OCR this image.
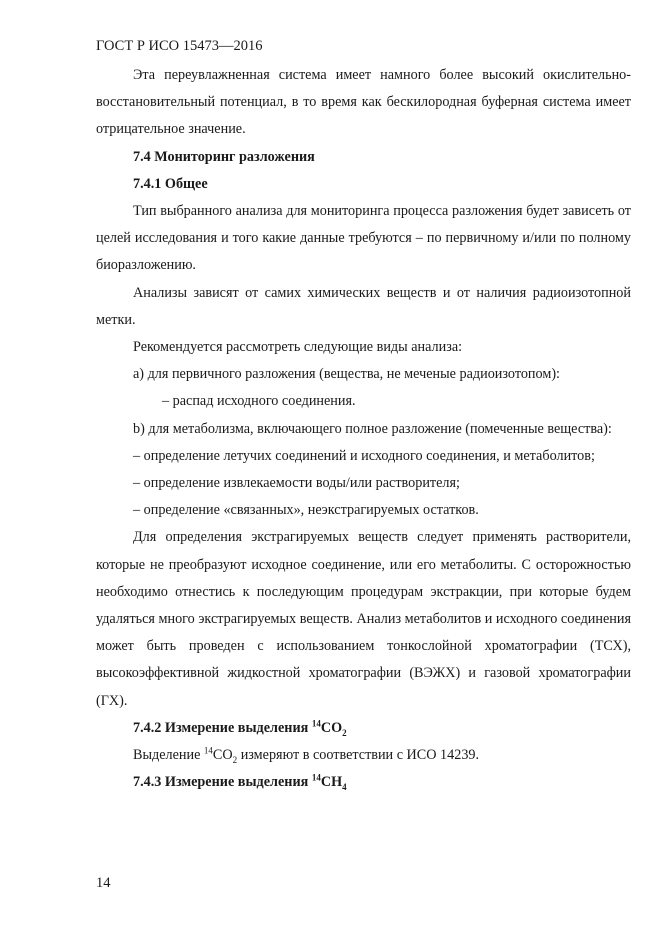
ГОСТ Р ИСО 15473—2016

Эта переувлажненная система имеет намного более высокий окислительно-восстановительный потенциал, в то время как бескилородная буферная система имеет отрицательное значение.

7.4 Мониторинг разложения

7.4.1 Общее

Тип выбранного анализа для мониторинга процесса разложения будет зависеть от целей исследования и того какие данные требуются – по первичному и/или по полному биоразложению.

Анализы зависят от самих химических веществ и от наличия радиоизотопной метки.

Рекомендуется рассмотреть следующие виды анализа:

а) для первичного разложения (вещества, не меченые радиоизотопом):

– распад исходного соединения.

b) для метаболизма, включающего полное разложение (помеченные вещества):

– определение летучих соединений и исходного соединения, и метаболитов;

– определение извлекаемости воды/или растворителя;

– определение «связанных», неэкстрагируемых остатков.

Для определения экстрагируемых веществ следует применять растворители, которые не преобразуют исходное соединение, или его метаболиты. С осторожностью необходимо отнестись к последующим процедурам экстракции, при которые будем удаляться много экстрагируемых веществ. Анализ метаболитов и исходного соединения может быть проведен с использованием тонкослойной хроматографии (ТСХ), высокоэффективной жидкостной хроматографии (ВЭЖХ) и газовой хроматографии (ГХ).

7.4.2 Измерение выделения $^{14}CO_2$

Выделение $^{14}CO_2$ измеряют в соответствии с ИСО 14239.

7.4.3 Измерение выделения $^{14}CH_4$

14
